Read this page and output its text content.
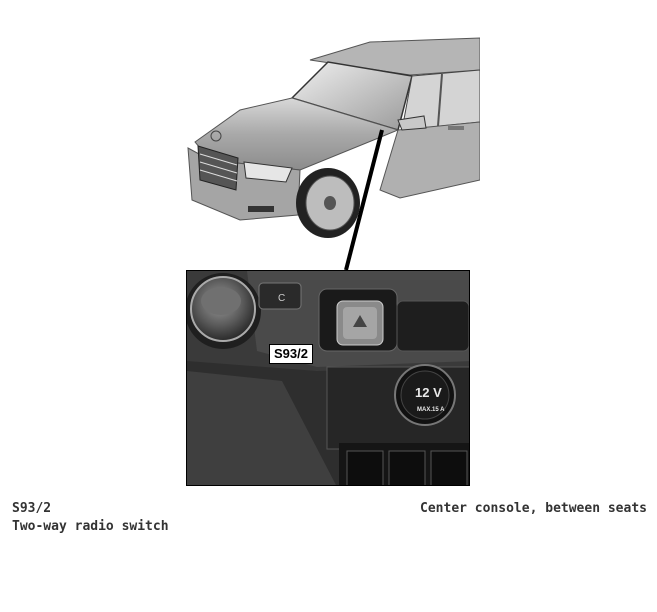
C
12 V
MAX.15 A
S93/2
S93/2
Two-way radio switch
Center console, between seats
